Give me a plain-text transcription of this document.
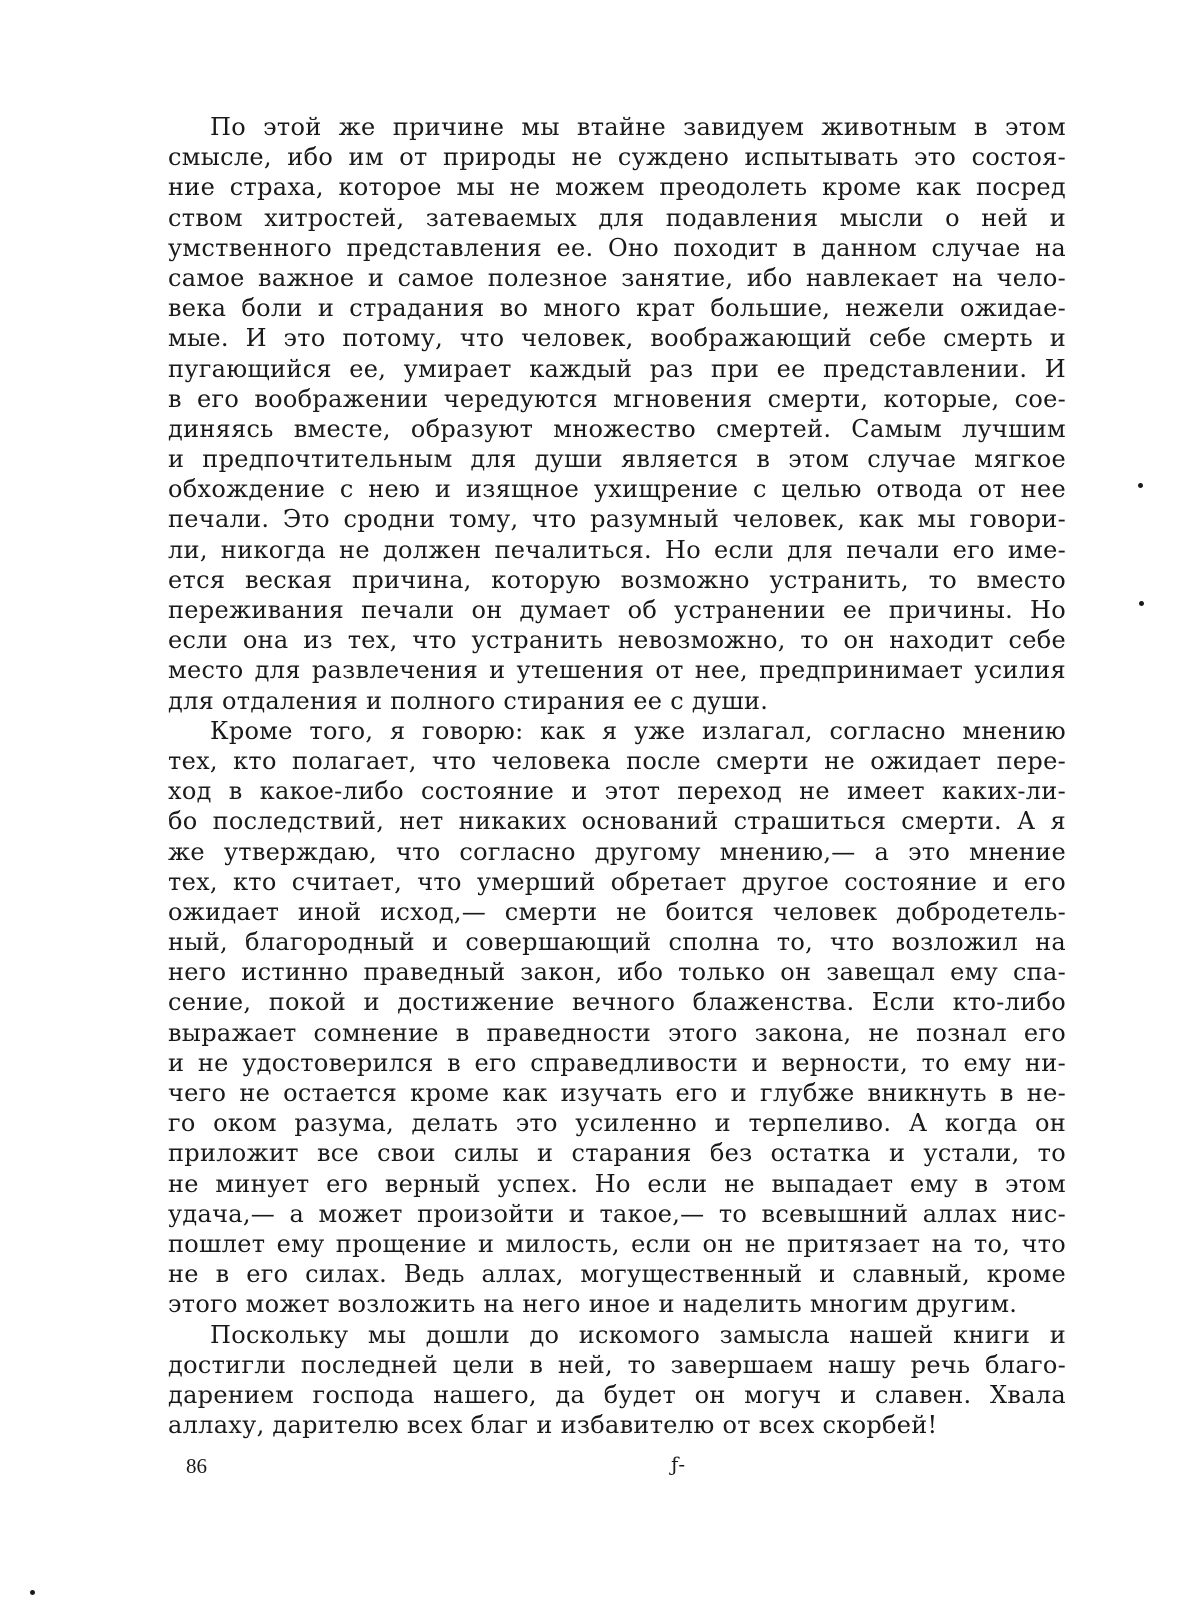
По этой же причине мы втайне завидуем животным в этом
смысле, ибо им от природы не суждено испытывать это состоя-
ние страха, которое мы не можем преодолеть кроме как посред
ством хитростей, затеваемых для подавления мысли о ней и
умственного представления ее. Оно походит в данном случае на
самое важное и самое полезное занятие, ибо навлекает на чело-
века боли и страдания во много крат большие, нежели ожидае-
мые. И это потому, что человек, воображающий себе смерть и
пугающийся ее, умирает каждый раз при ее представлении. И
в его воображении чередуются мгновения смерти, которые, сое-
диняясь вместе, образуют множество смертей. Самым лучшим
и предпочтительным для души является в этом случае мягкое
обхождение с нею и изящное ухищрение с целью отвода от нее
печали. Это сродни тому, что разумный человек, как мы говори-
ли, никогда не должен печалиться. Но если для печали его име-
ется веская причина, которую возможно устранить, то вместо
переживания печали он думает об устранении ее причины. Но
если она из тех, что устранить невозможно, то он находит себе
место для развлечения и утешения от нее, предпринимает усилия
для отдаления и полного стирания ее с души.
Кроме того, я говорю: как я уже излагал, согласно мнению
тех, кто полагает, что человека после смерти не ожидает пере-
ход в какое-либо состояние и этот переход не имеет каких-ли-
бо последствий, нет никаких оснований страшиться смерти. А я
же утверждаю, что согласно другому мнению,— а это мнение
тех, кто считает, что умерший обретает другое состояние и его
ожидает иной исход,— смерти не боится человек добродетель-
ный, благородный и совершающий сполна то, что возложил на
него истинно праведный закон, ибо только он завещал ему спа-
сение, покой и достижение вечного блаженства. Если кто-либо
выражает сомнение в праведности этого закона, не познал его
и не удостоверился в его справедливости и верности, то ему ни-
чего не остается кроме как изучать его и глубже вникнуть в не-
го оком разума, делать это усиленно и терпеливо. А когда он
приложит все свои силы и старания без остатка и устали, то
не минует его верный успех. Но если не выпадает ему в этом
удача,— а может произойти и такое,— то всевышний аллах нис-
пошлет ему прощение и милость, если он не притязает на то, что
не в его силах. Ведь аллах, могущественный и славный, кроме
этого может возложить на него иное и наделить многим другим.
Поскольку мы дошли до искомого замысла нашей книги и
достигли последней цели в ней, то завершаем нашу речь благо-
дарением господа нашего, да будет он могуч и славен. Хвала
аллаху, дарителю всех благ и избавителю от всех скорбей!
86	ƒ-
